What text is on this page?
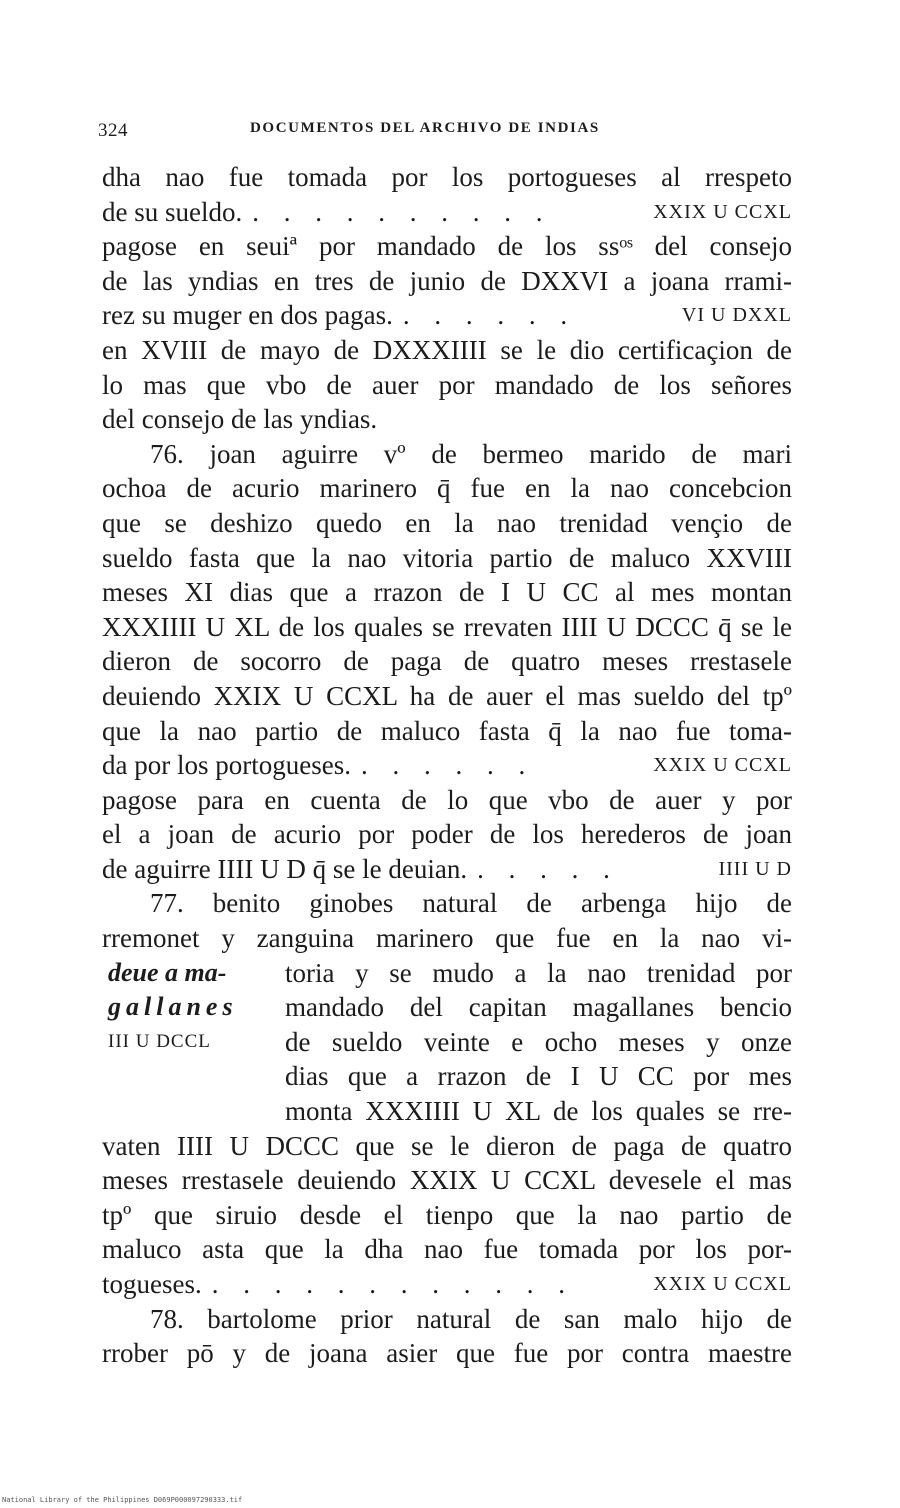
324	DOCUMENTOS DEL ARCHIVO DE INDIAS
dha nao fue tomada por los portogueses al rrespeto
de su sueldo. . . . . . . . . . .	XXIX U CCXL
pagose en seuiª por mandado de los ssᵒˢ del consejo
de las yndias en tres de junio de DXXVI a joana rrami-
rez su muger en dos pagas. . . . . . .	VI U DXXL
en XVIII de mayo de DXXXIIII se le dio certificaçion de
lo mas que vbo de auer por mandado de los señores
del consejo de las yndias.
76. joan aguirre vº de bermeo marido de mari
ochoa de acurio marinero q̄ fue en la nao concebcion
que se deshizo quedo en la nao trenidad vençio de
sueldo fasta que la nao vitoria partio de maluco XXVIII
meses XI dias que a rrazon de I U CC al mes montan
XXXIIII U XL de los quales se rrevaten IIII U DCCC q̄ se le
dieron de socorro de paga de quatro meses rrestasele
deuiendo XXIX U CCXL ha de auer el mas sueldo del tpº
que la nao partio de maluco fasta q̄ la nao fue toma-
da por los portogueses. . . . . . .	XXIX U CCXL
pagose para en cuenta de lo que vbo de auer y por
el a joan de acurio por poder de los herederos de joan
de aguirre IIII U D q̄ se le deuian. . . . . .	IIII U D
77. benito ginobes natural de arbenga hijo de
rremonet y zanguina marinero que fue en la nao vi-
deue a ma-
gallanes
III U DCCL
toria y se mudo a la nao trenidad por
mandado del capitan magallanes bencio
de sueldo veinte e ocho meses y onze
dias que a rrazon de I U CC por mes
monta XXXIIII U XL de los quales se rre-
vaten IIII U DCCC que se le dieron de paga de quatro
meses rrestasele deuiendo XXIX U CCXL devesele el mas
tpº que siruio desde el tienpo que la nao partio de
maluco asta que la dha nao fue tomada por los por-
togueses. . . . . . . . . . . . .	XXIX U CCXL
78. bartolome prior natural de san malo hijo de
rrober pō y de joana asier que fue por contra maestre
National Library of the Philippines D069P000097290333.tif
